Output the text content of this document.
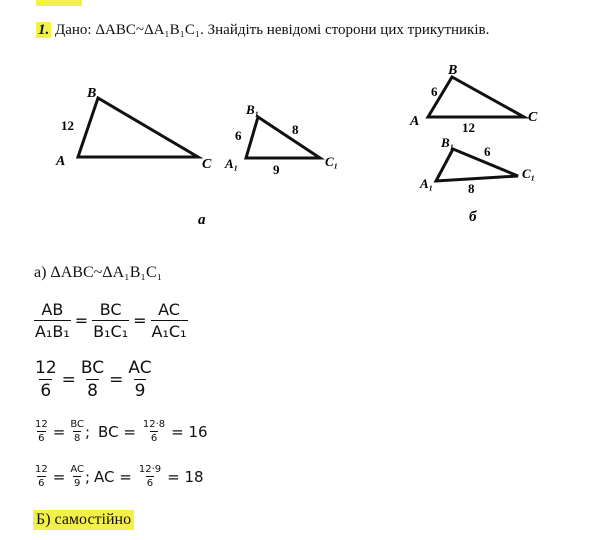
1. Дано: ΔABC~ΔA₁B₁C₁. Знайдіть невідомі сторони цих трикутників.
A
B
C
12
A₁
B₁
C₁
6	8
9
а
A
B
C
6
12
A₁
B₁
C₁
6
8
б
а) ΔABC~ΔA₁B₁C₁
$\frac{AB}{\text{A₁B₁}} = \frac{BC}{\text{B₁C₁}} = \frac{AC}{\text{A₁C₁}}$
$\frac{12}{6} = \frac{BC}{8} = \frac{AC}{9}$
$\frac{12}{6} = \frac{BC}{8}$ ; BC = $\frac{12\cdot 8}{6} = 16$
$\frac{12}{6} = \frac{AC}{9}$ ; AC = $\frac{12\cdot 9}{6} = 18$
Б) самостійно
